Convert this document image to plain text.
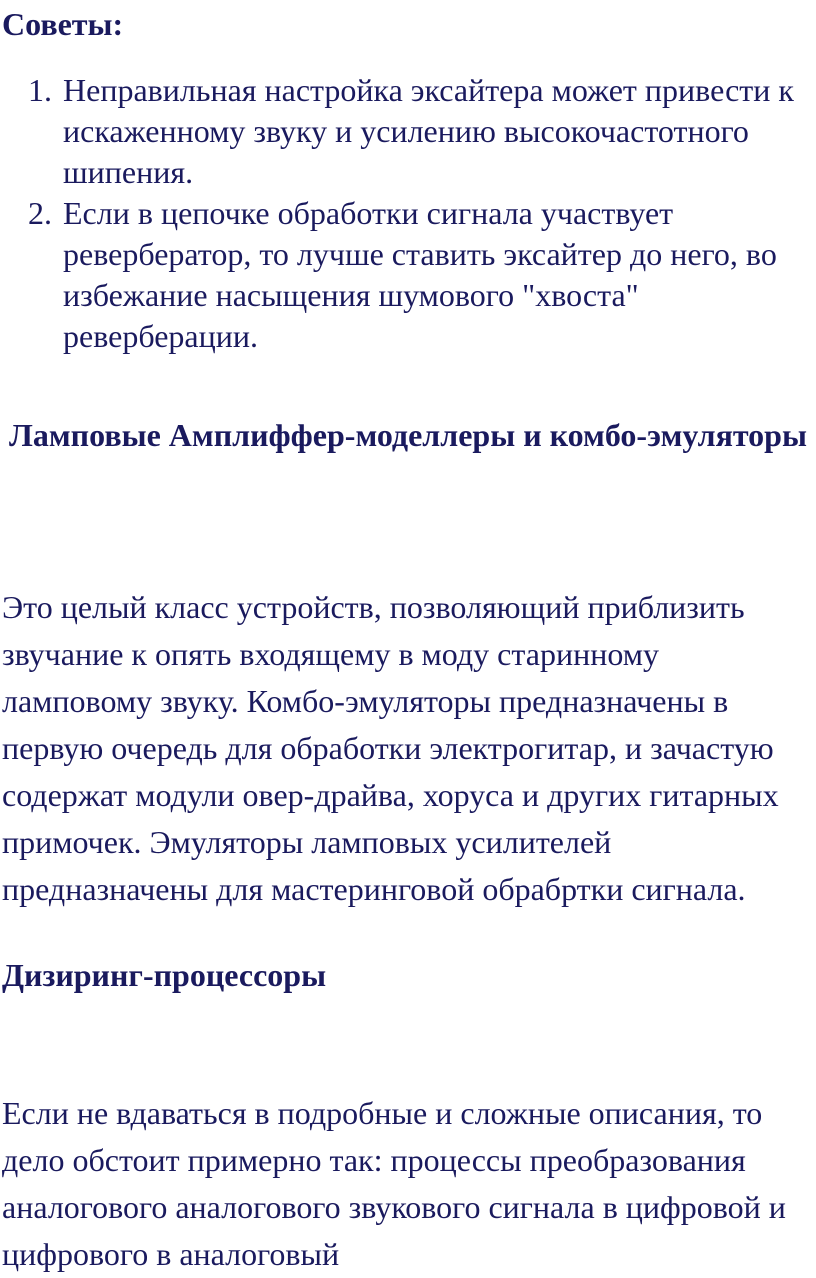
Советы:
1. Неправильная настройка эксайтера может привести к искаженному звуку и усилению высокочастотного шипения.
2. Если в цепочке обработки сигнала участвует ревербератор, то лучше ставить эксайтер до него, во избежание насыщения шумового "хвоста" реверберации.
Ламповые Амплиффер-моделлеры и комбо-эмуляторы

Это целый класс устройств, позволяющий приблизить звучание к опять входящему в моду старинному ламповому звуку. Комбо-эмуляторы предназначены в первую очередь для обработки электрогитар, и зачастую содержат модули овер-драйва, хоруса и других гитарных примочек. Эмуляторы ламповых усилителей предназначены для мастеринговой обрабртки сигнала.

Дизиринг-процессоры

Если не вдаваться в подробные и сложные описания, то дело обстоит примерно так: процессы преобразования аналогового аналогового звукового сигнала в цифровой и цифрового в аналоговый
